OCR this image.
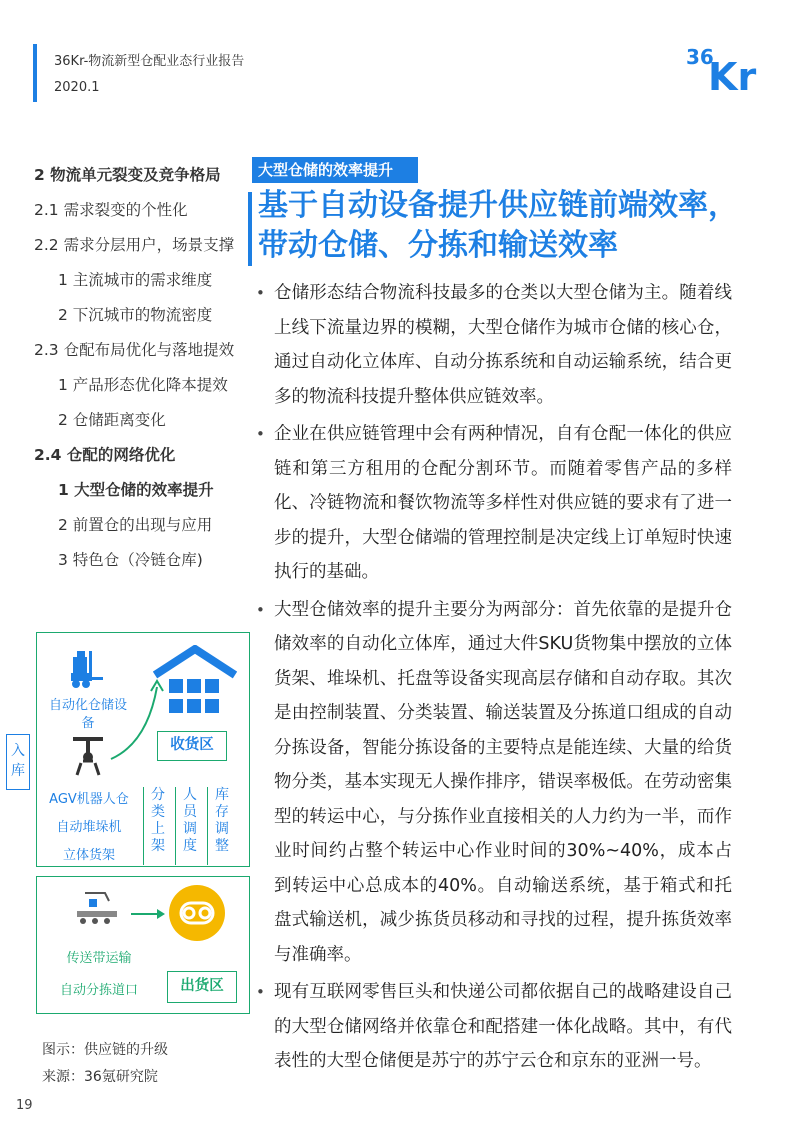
36Kr-物流新型仓配业态行业报告
2020.1
36
Kr
2 物流单元裂变及竞争格局
2.1 需求裂变的个性化
2.2 需求分层用户，场景支撑
1 主流城市的需求维度
2 下沉城市的物流密度
2.3 仓配布局优化与落地提效
1 产品形态优化降本提效
2 仓储距离变化
2.4 仓配的网络优化
1 大型仓储的效率提升
2 前置仓的出现与应用
3 特色仓（冷链仓库)
大型仓储的效率提升
基于自动设备提升供应链前端效率，带动仓储、分拣和输送效率
• 仓储形态结合物流科技最多的仓类以大型仓储为主。随着线上线下流量边界的模糊，大型仓储作为城市仓储的核心仓，通过自动化立体库、自动分拣系统和自动运输系统，结合更多的物流科技提升整体供应链效率。
• 企业在供应链管理中会有两种情况，自有仓配一体化的供应链和第三方租用的仓配分割环节。而随着零售产品的多样化、冷链物流和餐饮物流等多样性对供应链的要求有了进一步的提升，大型仓储端的管理控制是决定线上订单短时快速执行的基础。
• 大型仓储效率的提升主要分为两部分：首先依靠的是提升仓储效率的自动化立体库，通过大件SKU货物集中摆放的立体货架、堆垛机、托盘等设备实现高层存储和自动存取。其次是由控制装置、分类装置、输送装置及分拣道口组成的自动分拣设备，智能分拣设备的主要特点是能连续、大量的给货物分类，基本实现无人操作排序，错误率极低。在劳动密集型的转运中心，与分拣作业直接相关的人力约为一半，而作业时间约占整个转运中心作业时间的30%~40%，成本占到转运中心总成本的40%。自动输送系统，基于箱式和托盘式输送机，减少拣货员移动和寻找的过程，提升拣货效率与准确率。
• 现有互联网零售巨头和快递公司都依据自己的战略建设自己的大型仓储网络并依靠仓和配搭建一体化战略。其中，有代表性的大型仓储便是苏宁的苏宁云仓和京东的亚洲一号。
自动化仓储设备
收货区
AGV机器人仓
自动堆垛机
立体货架
分
类
上
架
人
员
调
度
库
存
调
整
入库
传送带运输
自动分拣道口	出货区
图示：供应链的升级
来源：36氪研究院
19
